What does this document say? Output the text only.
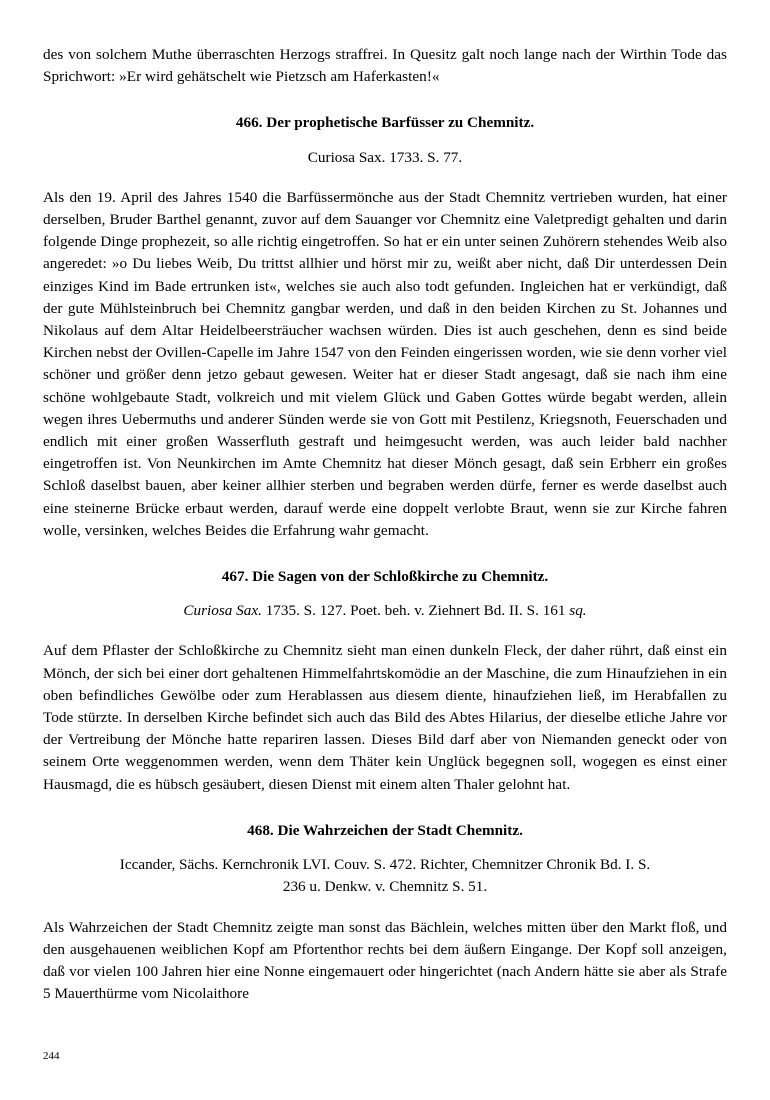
des von solchem Muthe überraschten Herzogs straffrei. In Quesitz galt noch lange nach der Wirthin Tode das Sprichwort: »Er wird gehätschelt wie Pietzsch am Haferkasten!«

466. Der prophetische Barfüsser zu Chemnitz.

Curiosa Sax. 1733. S. 77.

Als den 19. April des Jahres 1540 die Barfüssermönche aus der Stadt Chemnitz vertrieben wurden, hat einer derselben, Bruder Barthel genannt, zuvor auf dem Sauanger vor Chemnitz eine Valetpredigt gehalten und darin folgende Dinge prophezeit, so alle richtig eingetroffen. So hat er ein unter seinen Zuhörern stehendes Weib also angeredet: »o Du liebes Weib, Du trittst allhier und hörst mir zu, weißt aber nicht, daß Dir unterdessen Dein einziges Kind im Bade ertrunken ist«, welches sie auch also todt gefunden. Ingleichen hat er verkündigt, daß der gute Mühlsteinbruch bei Chemnitz gangbar werden, und daß in den beiden Kirchen zu St. Johannes und Nikolaus auf dem Altar Heidelbeersträucher wachsen würden. Dies ist auch geschehen, denn es sind beide Kirchen nebst der Ovillen-Capelle im Jahre 1547 von den Feinden eingerissen worden, wie sie denn vorher viel schöner und größer denn jetzo gebaut gewesen. Weiter hat er dieser Stadt angesagt, daß sie nach ihm eine schöne wohlgebaute Stadt, volkreich und mit vielem Glück und Gaben Gottes würde begabt werden, allein wegen ihres Uebermuths und anderer Sünden werde sie von Gott mit Pestilenz, Kriegsnoth, Feuerschaden und endlich mit einer großen Wasserfluth gestraft und heimgesucht werden, was auch leider bald nachher eingetroffen ist. Von Neunkirchen im Amte Chemnitz hat dieser Mönch gesagt, daß sein Erbherr ein großes Schloß daselbst bauen, aber keiner allhier sterben und begraben werden dürfe, ferner es werde daselbst auch eine steinerne Brücke erbaut werden, darauf werde eine doppelt verlobte Braut, wenn sie zur Kirche fahren wolle, versinken, welches Beides die Erfahrung wahr gemacht.

467. Die Sagen von der Schloßkirche zu Chemnitz.

Curiosa Sax. 1735. S. 127. Poet. beh. v. Ziehnert Bd. II. S. 161 sq.

Auf dem Pflaster der Schloßkirche zu Chemnitz sieht man einen dunkeln Fleck, der daher rührt, daß einst ein Mönch, der sich bei einer dort gehaltenen Himmelfahrtskomödie an der Maschine, die zum Hinaufziehen in ein oben befindliches Gewölbe oder zum Herablassen aus diesem diente, hinaufziehen ließ, im Herabfallen zu Tode stürzte. In derselben Kirche befindet sich auch das Bild des Abtes Hilarius, der dieselbe etliche Jahre vor der Vertreibung der Mönche hatte repariren lassen. Dieses Bild darf aber von Niemanden geneckt oder von seinem Orte weggenommen werden, wenn dem Thäter kein Unglück begegnen soll, wogegen es einst einer Hausmagd, die es hübsch gesäubert, diesen Dienst mit einem alten Thaler gelohnt hat.

468. Die Wahrzeichen der Stadt Chemnitz.

Iccander, Sächs. Kernchronik LVI. Couv. S. 472. Richter, Chemnitzer Chronik Bd. I. S.

236 u. Denkw. v. Chemnitz S. 51.

Als Wahrzeichen der Stadt Chemnitz zeigte man sonst das Bächlein, welches mitten über den Markt floß, und den ausgehauenen weiblichen Kopf am Pfortenthor rechts bei dem äußern Eingange. Der Kopf soll anzeigen, daß vor vielen 100 Jahren hier eine Nonne eingemauert oder hingerichtet (nach Andern hätte sie aber als Strafe 5 Mauerthürme vom Nicolaithore

244
